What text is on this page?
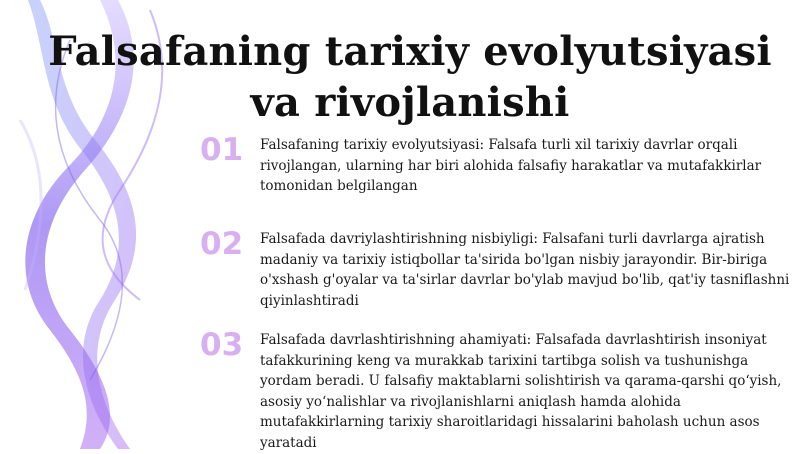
Falsafaning tarixiy evolyutsiyasi va rivojlanishi
01	Falsafaning tarixiy evolyutsiyasi: Falsafa turli xil tarixiy davrlar orqali rivojlangan, ularning har biri alohida falsafiy harakatlar va mutafakkirlar tomonidan belgilangan
02	Falsafada davriylashtirishning nisbiyligi: Falsafani turli davrlarga ajratish madaniy va tarixiy istiqbollar ta'sirida bo'lgan nisbiy jarayondir. Bir-biriga o'xshash g'oyalar va ta'sirlar davrlar bo'ylab mavjud bo'lib, qat'iy tasniflashni qiyinlashtiradi
03	Falsafada davrlashtirishning ahamiyati: Falsafada davrlashtirish insoniyat tafakkurining keng va murakkab tarixini tartibga solish va tushunishga yordam beradi. U falsafiy maktablarni solishtirish va qarama-qarshi qo‘yish, asosiy yo‘nalishlar va rivojlanishlarni aniqlash hamda alohida mutafakkirlarning tarixiy sharoitlaridagi hissalarini baholash uchun asos yaratadi
